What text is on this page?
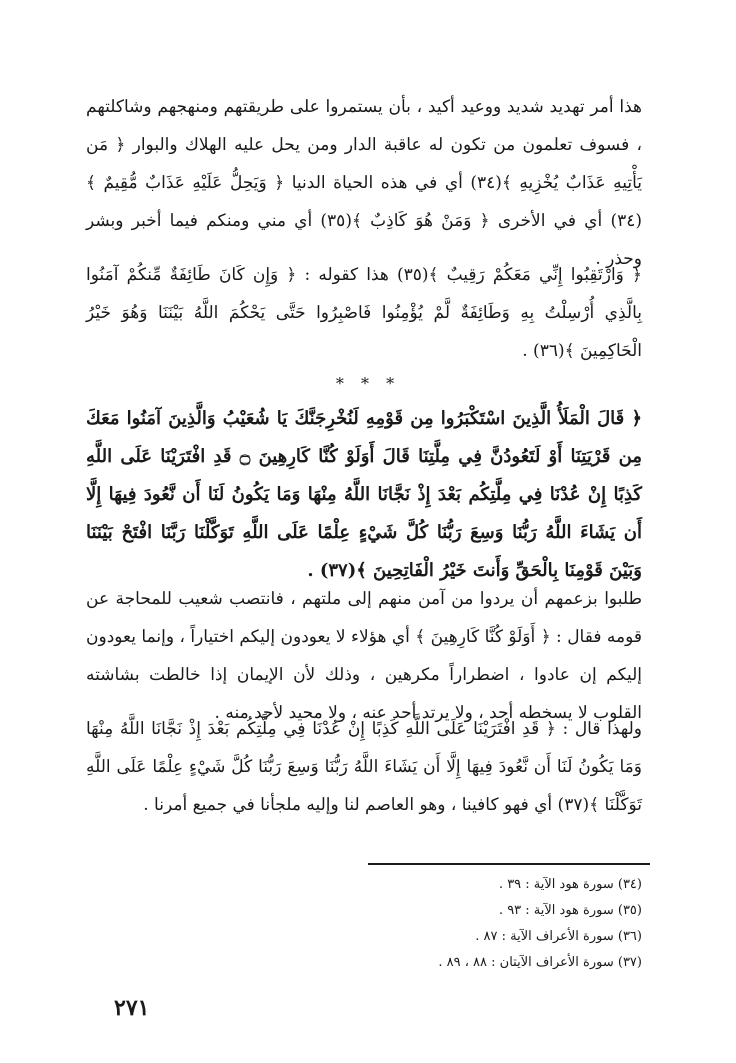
هذا أمر تهديد شديد ووعيد أكيد ، بأن يستمروا على طريقتهم ومنهجهم وشاكلتهم ، فسوف تعلمون من تكون له عاقبة الدار ومن يحل عليه الهلاك والبوار ﴿ مَن يَأْتِيهِ عَذَابٌ يُخْزِيهِ ﴾(٣٤) أي في هذه الحياة الدنيا ﴿ وَيَحِلُّ عَلَيْهِ عَذَابٌ مُّقِيمٌ ﴾(٣٤) أي في الأخرى ﴿ وَمَنْ هُوَ كَاذِبٌ ﴾(٣٥) أي مني ومنكم فيما أخبر وبشر وحذر .
﴿ وَارْتَقِبُوا إِنِّي مَعَكُمْ رَقِيبٌ ﴾(٣٥) هذا كقوله : ﴿ وَإِن كَانَ طَائِفَةٌ مِّنكُمْ آمَنُوا بِالَّذِي أُرْسِلْتُ بِهِ وَطَائِفَةٌ لَّمْ يُؤْمِنُوا فَاصْبِرُوا حَتَّى يَحْكُمَ اللَّهُ بَيْنَنَا وَهُوَ خَيْرُ الْحَاكِمِينَ ﴾(٣٦) .
* * *
﴿ قَالَ الْمَلَأُ الَّذِينَ اسْتَكْبَرُوا مِن قَوْمِهِ لَنُخْرِجَنَّكَ يَا شُعَيْبُ وَالَّذِينَ آمَنُوا مَعَكَ مِن قَرْيَتِنَا أَوْ لَتَعُودُنَّ فِي مِلَّتِنَا قَالَ أَوَلَوْ كُنَّا كَارِهِينَ ۝ قَدِ افْتَرَيْنَا عَلَى اللَّهِ كَذِبًا إِنْ عُدْنَا فِي مِلَّتِكُم بَعْدَ إِذْ نَجَّانَا اللَّهُ مِنْهَا وَمَا يَكُونُ لَنَا أَن نَّعُودَ فِيهَا إِلَّا أَن يَشَاءَ اللَّهُ رَبُّنَا وَسِعَ رَبُّنَا كُلَّ شَيْءٍ عِلْمًا عَلَى اللَّهِ تَوَكَّلْنَا رَبَّنَا افْتَحْ بَيْنَنَا وَبَيْنَ قَوْمِنَا بِالْحَقِّ وَأَنتَ خَيْرُ الْفَاتِحِينَ ﴾(٣٧) .
طلبوا بزعمهم أن يردوا من آمن منهم إلى ملتهم ، فانتصب شعيب للمحاجة عن قومه فقال : ﴿ أَوَلَوْ كُنَّا كَارِهِينَ ﴾ أي هؤلاء لا يعودون إليكم اختياراً ، وإنما يعودون إليكم إن عادوا ، اضطراراً مكرهين ، وذلك لأن الإيمان إذا خالطت بشاشته القلوب لا يسخطه أحد ، ولا يرتد أحد عنه ، ولا محيد لأحد منه .
ولهذا قال : ﴿ قَدِ افْتَرَيْنَا عَلَى اللَّهِ كَذِبًا إِنْ عُدْنَا فِي مِلَّتِكُم بَعْدَ إِذْ نَجَّانَا اللَّهُ مِنْهَا وَمَا يَكُونُ لَنَا أَن نَّعُودَ فِيهَا إِلَّا أَن يَشَاءَ اللَّهُ رَبُّنَا وَسِعَ رَبُّنَا كُلَّ شَيْءٍ عِلْمًا عَلَى اللَّهِ تَوَكَّلْنَا ﴾(٣٧) أي فهو كافينا ، وهو العاصم لنا وإليه ملجأنا في جميع أمرنا .
(٣٤) سورة هود الآية : ٣٩ .
(٣٥) سورة هود الآية : ٩٣ .
(٣٦) سورة الأعراف الآية : ٨٧ .
(٣٧) سورة الأعراف الآيتان : ٨٨ ، ٨٩ .
٢٧١
